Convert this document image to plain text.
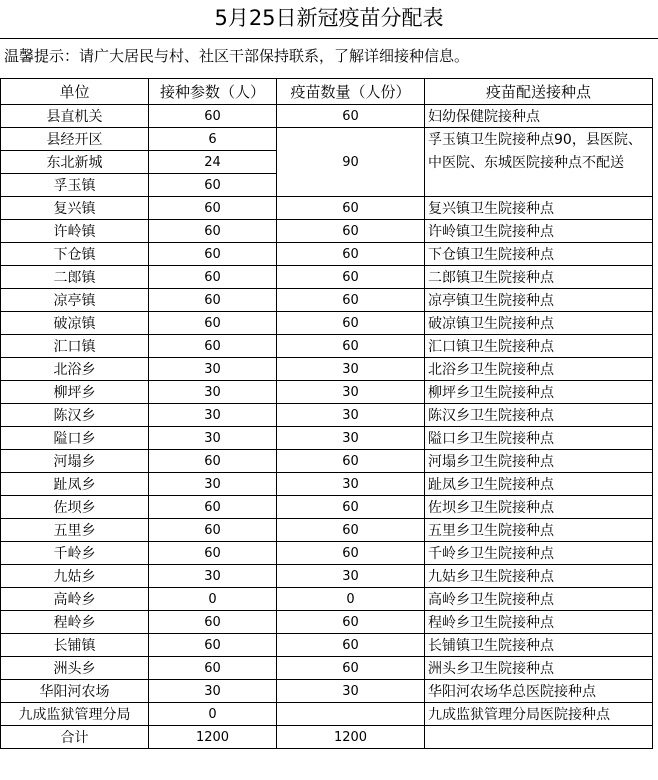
5月25日新冠疫苗分配表
温馨提示：请广大居民与村、社区干部保持联系，了解详细接种信息。
单位	接种参数（人）	疫苗数量（人份）	疫苗配送接种点
县直机关	60	60	妇幼保健院接种点
县经开区	6	90	孚玉镇卫生院接种点90，县医院、中医院、东城医院接种点不配送
东北新城	24		
孚玉镇	60		
复兴镇	60	60	复兴镇卫生院接种点
许岭镇	60	60	许岭镇卫生院接种点
下仓镇	60	60	下仓镇卫生院接种点
二郎镇	60	60	二郎镇卫生院接种点
凉亭镇	60	60	凉亭镇卫生院接种点
破凉镇	60	60	破凉镇卫生院接种点
汇口镇	60	60	汇口镇卫生院接种点
北浴乡	30	30	北浴乡卫生院接种点
柳坪乡	30	30	柳坪乡卫生院接种点
陈汉乡	30	30	陈汉乡卫生院接种点
隘口乡	30	30	隘口乡卫生院接种点
河塌乡	60	60	河塌乡卫生院接种点
趾凤乡	30	30	趾凤乡卫生院接种点
佐坝乡	60	60	佐坝乡卫生院接种点
五里乡	60	60	五里乡卫生院接种点
千岭乡	60	60	千岭乡卫生院接种点
九姑乡	30	30	九姑乡卫生院接种点
高岭乡	0	0	高岭乡卫生院接种点
程岭乡	60	60	程岭乡卫生院接种点
长铺镇	60	60	长铺镇卫生院接种点
洲头乡	60	60	洲头乡卫生院接种点
华阳河农场	30	30	华阳河农场华总医院接种点
九成监狱管理分局	0		九成监狱管理分局医院接种点
合计	1200	1200	
